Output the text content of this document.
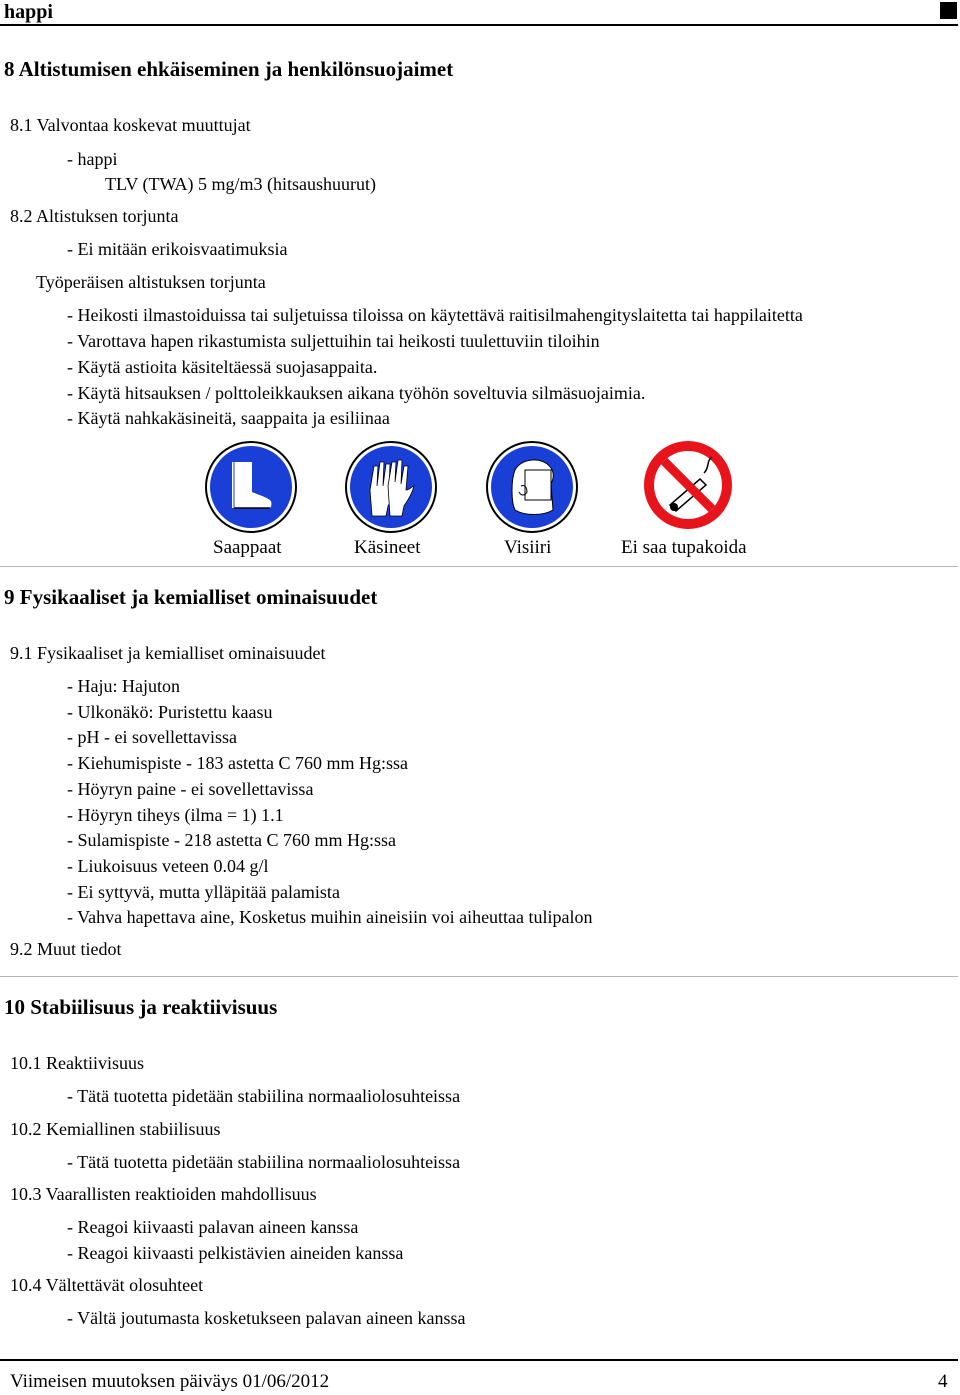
happi
8 Altistumisen ehkäiseminen ja henkilönsuojaimet
8.1 Valvontaa koskevat muuttujat
- happi
TLV (TWA) 5 mg/m3 (hitsaushuurut)
8.2 Altistuksen torjunta
- Ei mitään erikoisvaatimuksia
Työperäisen altistuksen torjunta
- Heikosti ilmastoiduissa tai suljetuissa tiloissa on käytettävä raitisilmahengityslaitetta tai happilaitetta
- Varottava hapen rikastumista suljettuihin tai heikosti tuulettuviin tiloihin
- Käytä astioita käsiteltäessä suojasappaita.
- Käytä hitsauksen / polttoleikkauksen aikana työhön soveltuvia silmäsuojaimia.
- Käytä nahkakäsineitä, saappaita ja esiliinaa
Saappaat	Käsineet	Visiiri	Ei saa tupakoida
9 Fysikaaliset ja kemialliset ominaisuudet
9.1 Fysikaaliset ja kemialliset ominaisuudet
- Haju: Hajuton
- Ulkonäkö: Puristettu kaasu
- pH - ei sovellettavissa
- Kiehumispiste - 183 astetta C 760 mm Hg:ssa
- Höyryn paine - ei sovellettavissa
- Höyryn tiheys (ilma = 1) 1.1
- Sulamispiste - 218 astetta C 760 mm Hg:ssa
- Liukoisuus veteen 0.04 g/l
- Ei syttyvä, mutta ylläpitää palamista
- Vahva hapettava aine, Kosketus muihin aineisiin voi aiheuttaa tulipalon
9.2 Muut tiedot
10 Stabiilisuus ja reaktiivisuus
10.1 Reaktiivisuus
- Tätä tuotetta pidetään stabiilina normaaliolosuhteissa
10.2 Kemiallinen stabiilisuus
- Tätä tuotetta pidetään stabiilina normaaliolosuhteissa
10.3 Vaarallisten reaktioiden mahdollisuus
- Reagoi kiivaasti palavan aineen kanssa
- Reagoi kiivaasti pelkistävien aineiden kanssa
10.4 Vältettävät olosuhteet
- Vältä joutumasta kosketukseen palavan aineen kanssa
Viimeisen muutoksen päiväys 01/06/2012	4
